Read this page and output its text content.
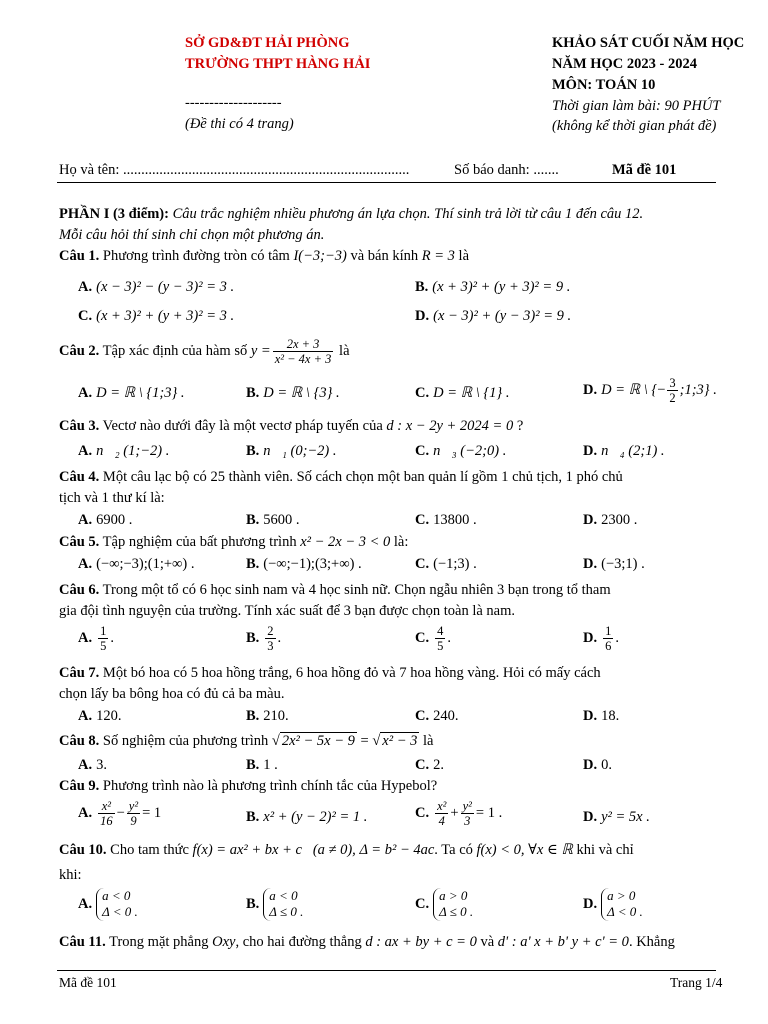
SỞ GD&ĐT HẢI PHÒNG
TRƯỜNG THPT HÀNG HẢI
--------------------
(Đề thi có 4 trang)
KHẢO SÁT CUỐI NĂM HỌC
NĂM HỌC 2023 - 2024
MÔN: TOÁN 10
Thời gian làm bài: 90 PHÚT
(không kể thời gian phát đề)
Họ và tên: ...............................................................................	Số báo danh: .......	Mã đề 101
PHẦN I (3 điểm): Câu trắc nghiệm nhiều phương án lựa chọn. Thí sinh trả lời từ câu 1 đến câu 12.
Mỗi câu hỏi thí sinh chỉ chọn một phương án.
Câu 1. Phương trình đường tròn có tâm I(−3;−3) và bán kính R = 3 là
A. (x − 3)² − (y − 3)² = 3 .	B. (x + 3)² + (y + 3)² = 9 .
C. (x + 3)² + (y + 3)² = 3 .	D. (x − 3)² + (y − 3)² = 9 .
Câu 2. Tập xác định của hàm số $y = \frac{2x + 3}{\text{x² − 4x + 3}}$ là
A. D = ℝ \ {1;3} .	B. D = ℝ \ {3} .	C. D = ℝ \ {1} .	D. D = ℝ \ {− $\frac{3}{2}$ ;1;3} .
Câu 3. Vectơ nào dưới đây là một vectơ pháp tuyến của d : x − 2y + 2024 = 0 ?
A. n⃗₂ (1;−2) .	B. n⃗₁ (0;−2) .	C. n⃗₃ (−2;0) .	D. n⃗₄ (2;1) .
Câu 4. Một câu lạc bộ có 25 thành viên. Số cách chọn một ban quản lí gồm 1 chủ tịch, 1 phó chủ
tịch và 1 thư kí là:
A. 6900 .	B. 5600 .	C. 13800 .	D. 2300 .
Câu 5. Tập nghiệm của bất phương trình x² − 2x − 3 < 0 là:
A. (−∞;−3);(1;+∞) .	B. (−∞;−1);(3;+∞) .	C. (−1;3) .	D. (−3;1) .
Câu 6. Trong một tổ có 6 học sinh nam và 4 học sinh nữ. Chọn ngẫu nhiên 3 bạn trong tổ tham
gia đội tình nguyện của trường. Tính xác suất để 3 bạn được chọn toàn là nam.
A. $\frac{1}{5}$ .	B. $\frac{2}{3}$ .	C. $\frac{4}{5}$ .	D. $\frac{1}{6}$ .
Câu 7. Một bó hoa có 5 hoa hồng trắng, 6 hoa hồng đỏ và 7 hoa hồng vàng. Hỏi có mấy cách
chọn lấy ba bông hoa có đủ cả ba màu.
A. 120.	B. 210.	C. 240.	D. 18.
Câu 8. Số nghiệm của phương trình √ 2x² − 5x − 9 = √ x² − 3 là
A. 3.	B. 1 .	C. 2.	D. 0.
Câu 9. Phương trình nào là phương trình chính tắc của Hypebol?
A. $\frac{\text{x²}}{16} - \frac{\text{y²}}{9} = 1$	B. x² + (y − 2)² = 1 .	C. $\frac{\text{x²}}{4} + \frac{\text{y²}}{3} = 1$ .	D. y² = 5x .
Câu 10. Cho tam thức f(x) = ax² + bx + c (a ≠ 0), Δ = b² − 4ac. Ta có f(x) < 0, ∀x ∈ ℝ khi và chỉ
khi:
A.
a < 0
Δ < 0 .
B.
a < 0
Δ ≤ 0 .
C.
a > 0
Δ ≤ 0 .
D.
a > 0
Δ < 0 .
Câu 11. Trong mặt phẳng Oxy, cho hai đường thẳng d : ax + by + c = 0 và d' : a' x + b' y + c' = 0. Khẳng
Mã đề 101	Trang 1/4
